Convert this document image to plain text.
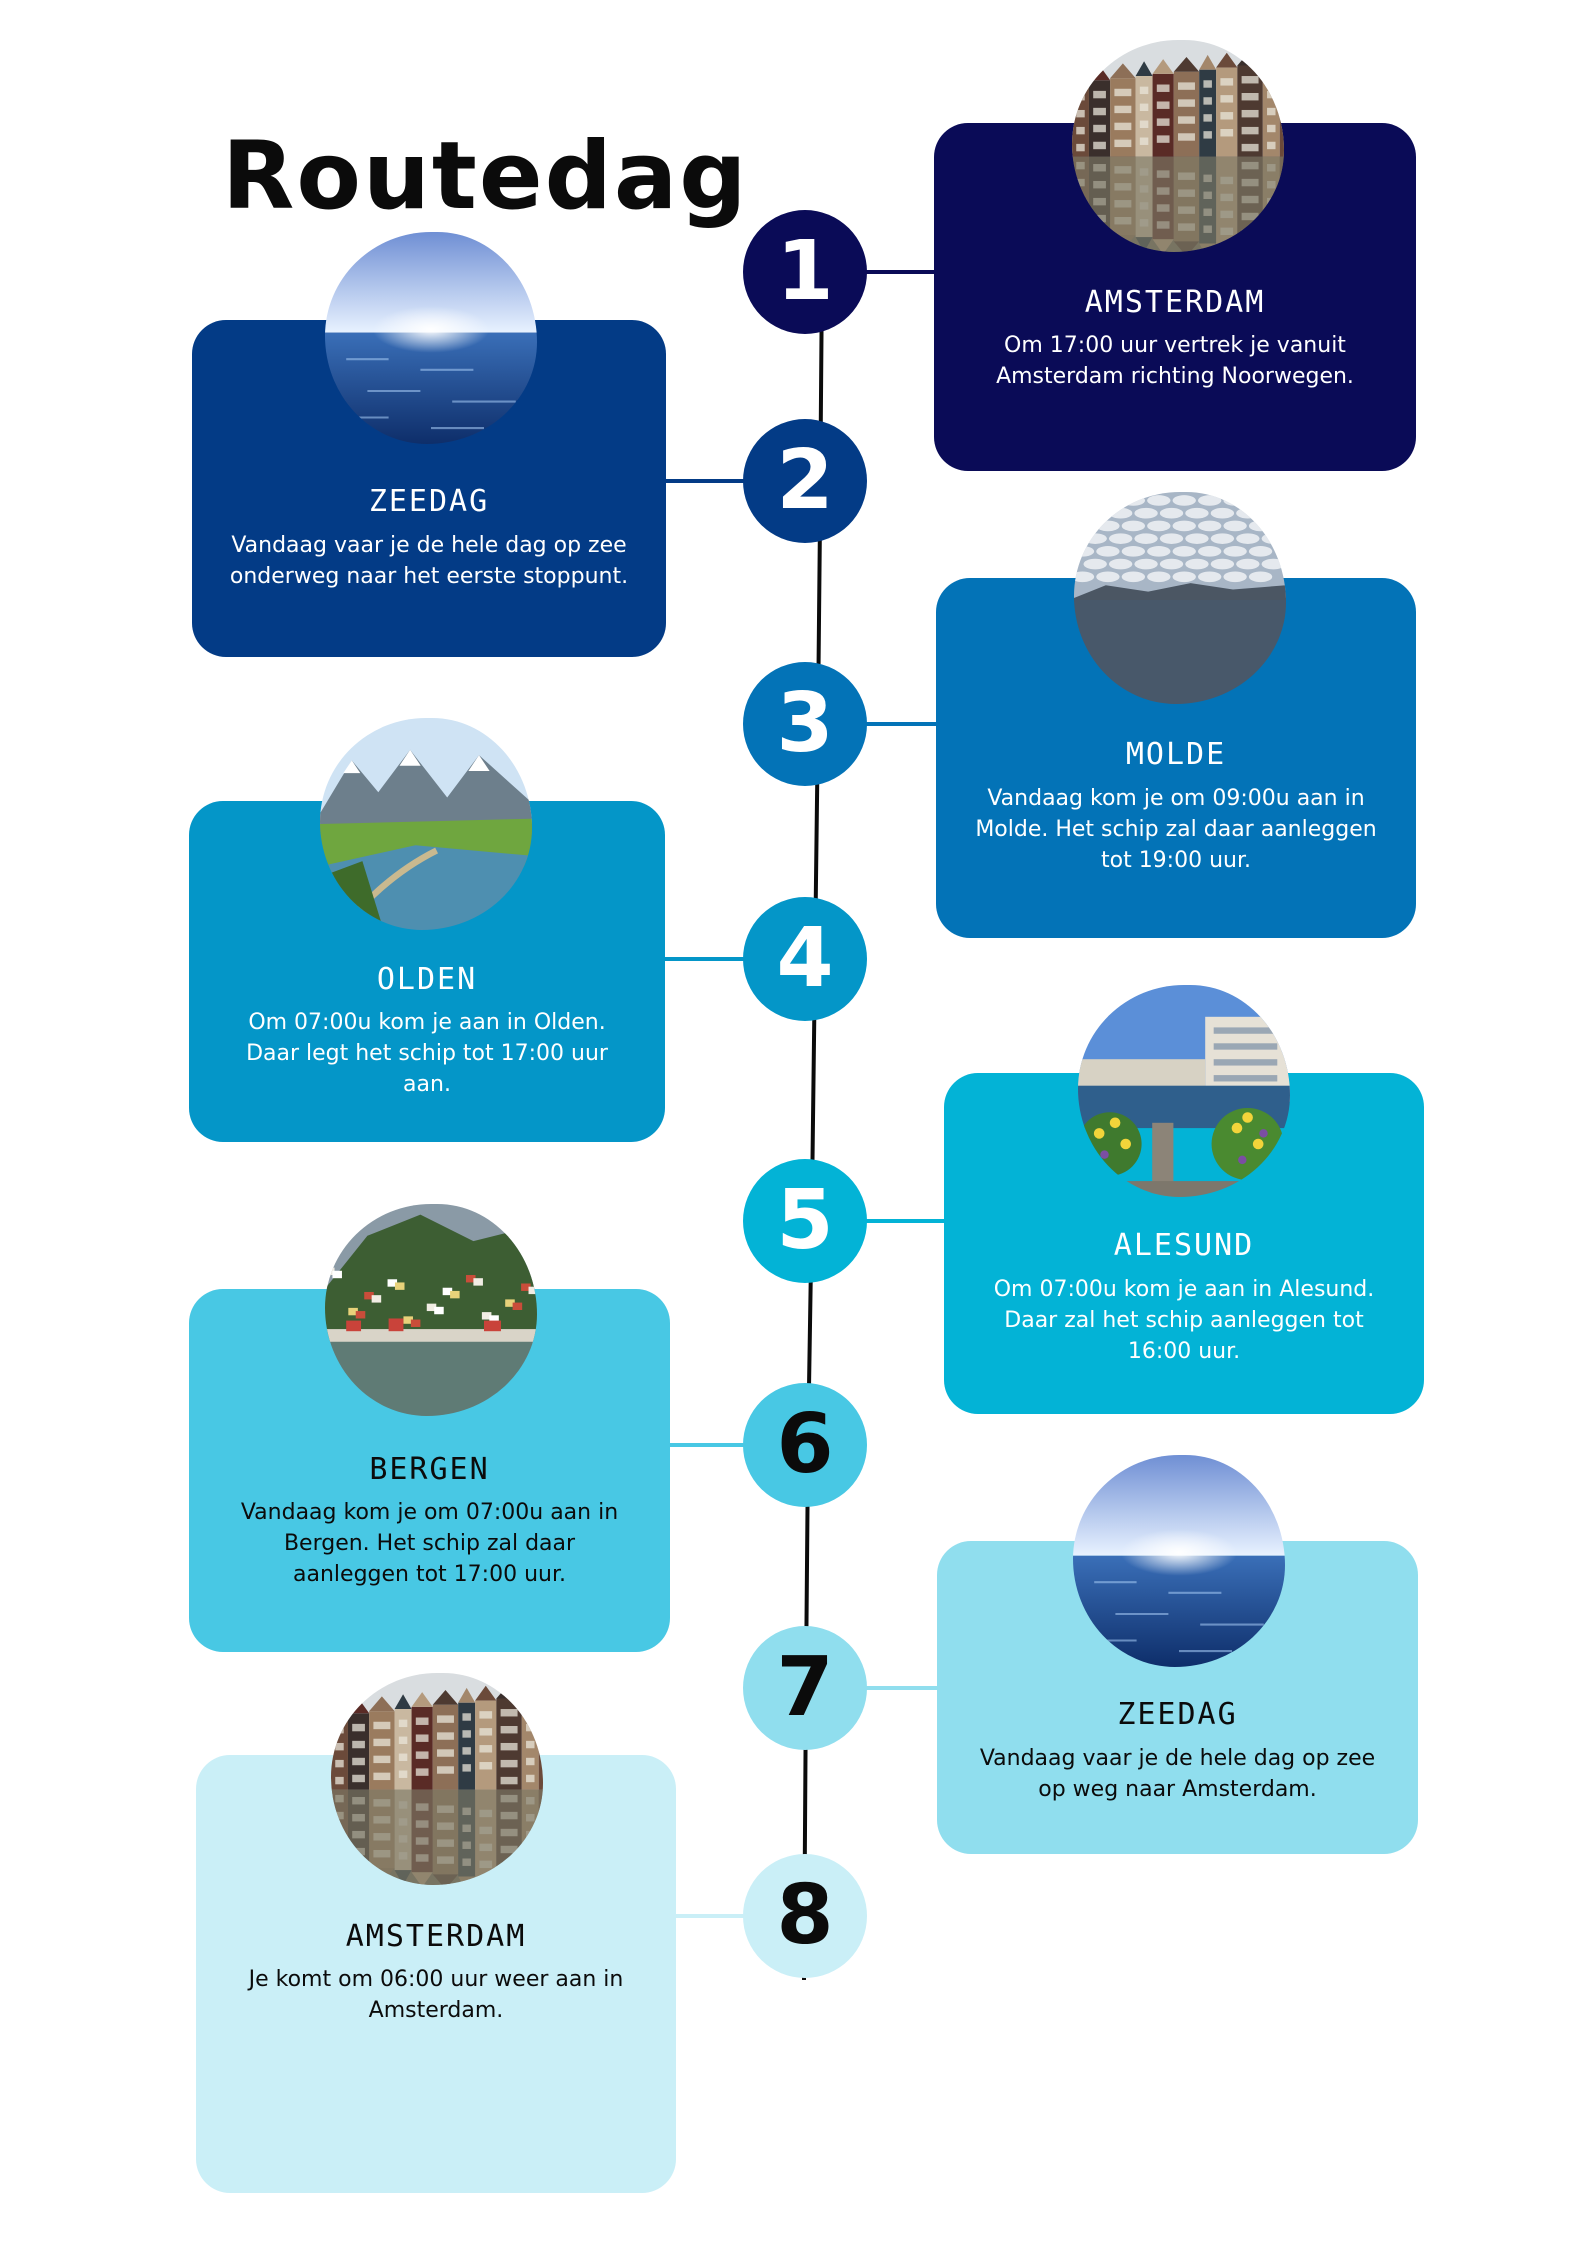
Routedag
AMSTERDAM
Om 17:00 uur vertrek je vanuit Amsterdam richting Noorwegen.
ZEEDAG
Vandaag vaar je de hele dag op zee onderweg naar het eerste stoppunt.
MOLDE
Vandaag kom je om 09:00u aan in Molde. Het schip zal daar aanleggen tot 19:00 uur.
OLDEN
Om 07:00u kom je aan in Olden. Daar legt het schip tot 17:00 uur aan.
ALESUND
Om 07:00u kom je aan in Alesund. Daar zal het schip aanleggen tot 16:00 uur.
BERGEN
Vandaag kom je om 07:00u aan in Bergen. Het schip zal daar aanleggen tot 17:00 uur.
ZEEDAG
Vandaag vaar je de hele dag op zee op weg naar Amsterdam.
AMSTERDAM
Je komt om 06:00 uur weer aan in Amsterdam.
1
2
3
4
5
6
7
8
